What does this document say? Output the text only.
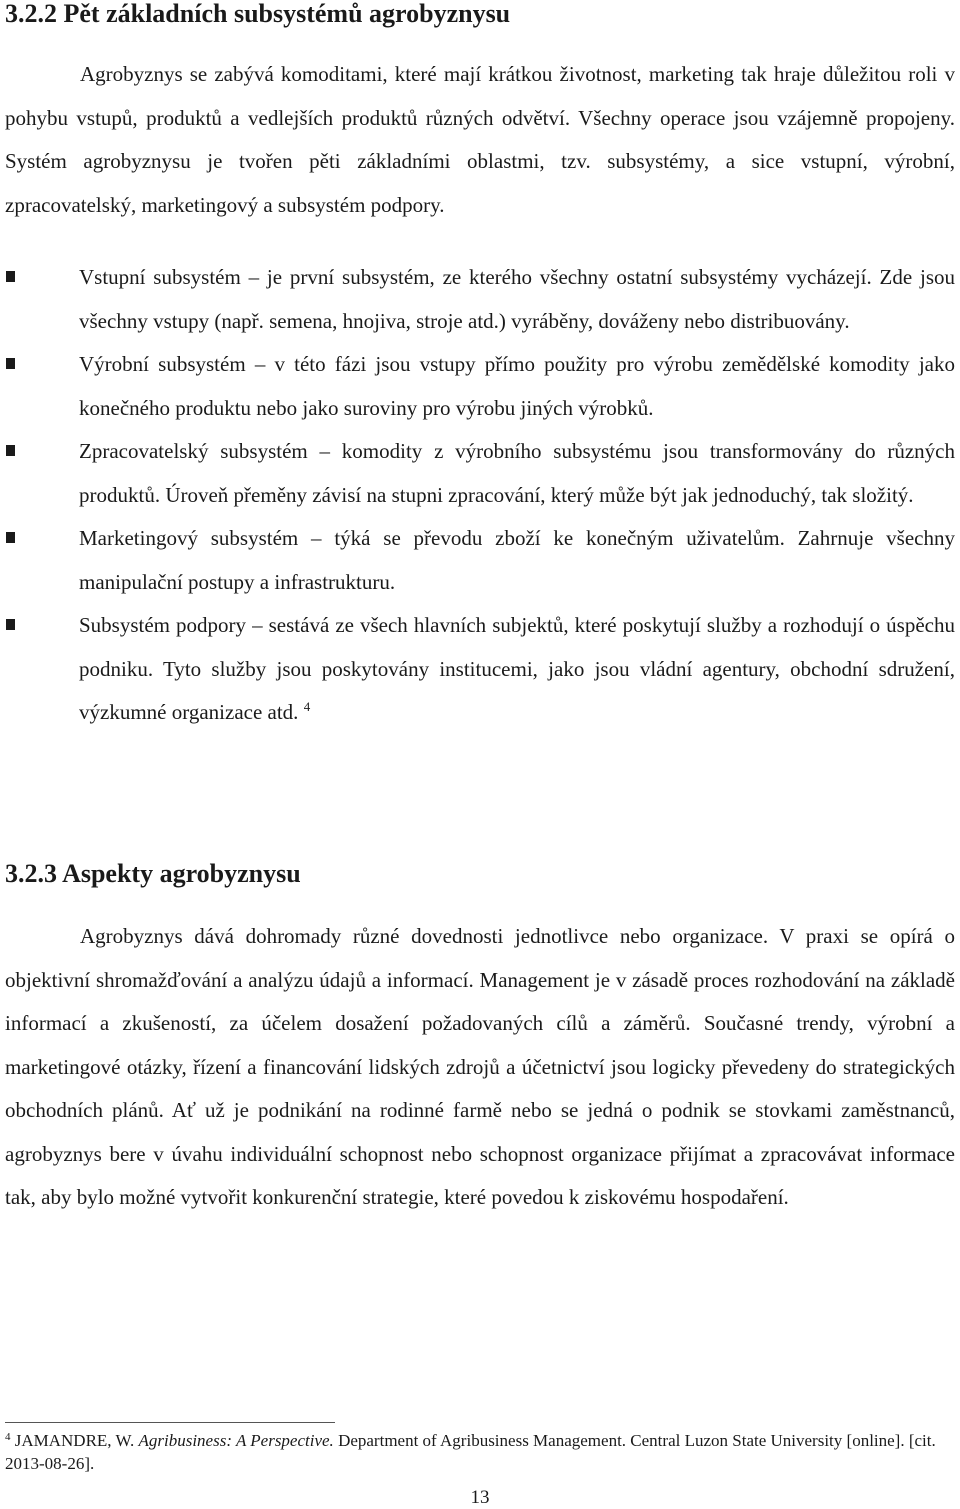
3.2.2 Pět základních subsystémů agrobyznysu

Agrobyznys se zabývá komoditami, které mají krátkou životnost, marketing tak hraje důležitou roli v pohybu vstupů, produktů a vedlejších produktů různých odvětví. Všechny operace jsou vzájemně propojeny. Systém agrobyznysu je tvořen pěti základními oblastmi, tzv. subsystémy, a sice vstupní, výrobní, zpracovatelský, marketingový a subsystém podpory.

Vstupní subsystém – je první subsystém, ze kterého všechny ostatní subsystémy vycházejí. Zde jsou všechny vstupy (např. semena, hnojiva, stroje atd.) vyráběny, dováženy nebo distribuovány.
Výrobní subsystém – v této fázi jsou vstupy přímo použity pro výrobu zemědělské komodity jako konečného produktu nebo jako suroviny pro výrobu jiných výrobků.
Zpracovatelský subsystém – komodity z výrobního subsystému jsou transformovány do různých produktů. Úroveň přeměny závisí na stupni zpracování, který může být jak jednoduchý, tak složitý.
Marketingový subsystém – týká se převodu zboží ke konečným uživatelům. Zahrnuje všechny manipulační postupy a infrastrukturu.
Subsystém podpory – sestává ze všech hlavních subjektů, které poskytují služby a rozhodují o úspěchu podniku. Tyto služby jsou poskytovány institucemi, jako jsou vládní agentury, obchodní sdružení, výzkumné organizace atd. $^4$
3.2.3 Aspekty agrobyznysu

Agrobyznys dává dohromady různé dovednosti jednotlivce nebo organizace. V praxi se opírá o objektivní shromažďování a analýzu údajů a informací. Management je v zásadě proces rozhodování na základě informací a zkušeností, za účelem dosažení požadovaných cílů a záměrů. Současné trendy, výrobní a marketingové otázky, řízení a financování lidských zdrojů a účetnictví jsou logicky převedeny do strategických obchodních plánů. Ať už je podnikání na rodinné farmě nebo se jedná o podnik se stovkami zaměstnanců, agrobyznys bere v úvahu individuální schopnost nebo schopnost organizace přijímat a zpracovávat informace tak, aby bylo možné vytvořit konkurenční strategie, které povedou k ziskovému hospodaření.

$^4$ JAMANDRE, W. Agribusiness: A Perspective. Department of Agribusiness Management. Central Luzon State University [online]. [cit. 2013-08-26].

13
